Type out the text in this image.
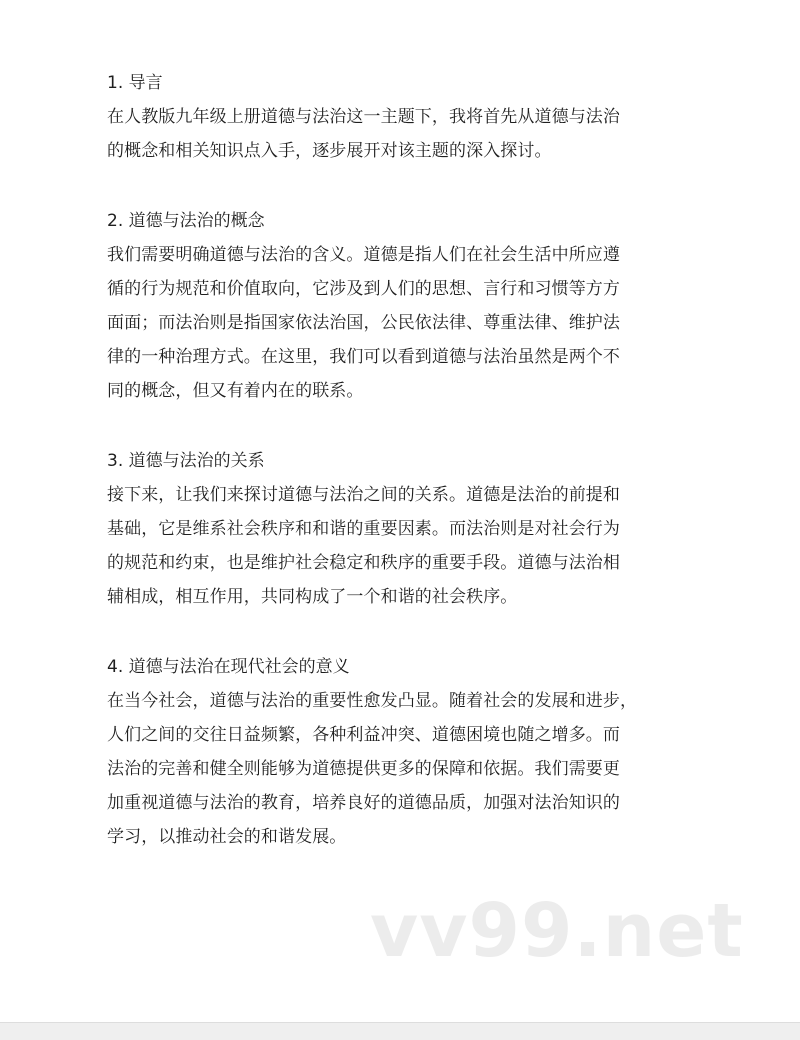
1. 导言
在人教版九年级上册道德与法治这一主题下，我将首先从道德与法治
的概念和相关知识点入手，逐步展开对该主题的深入探讨。
2. 道德与法治的概念
我们需要明确道德与法治的含义。道德是指人们在社会生活中所应遵
循的行为规范和价值取向，它涉及到人们的思想、言行和习惯等方方
面面；而法治则是指国家依法治国，公民依法律、尊重法律、维护法
律的一种治理方式。在这里，我们可以看到道德与法治虽然是两个不
同的概念，但又有着内在的联系。
3. 道德与法治的关系
接下来，让我们来探讨道德与法治之间的关系。道德是法治的前提和
基础，它是维系社会秩序和和谐的重要因素。而法治则是对社会行为
的规范和约束，也是维护社会稳定和秩序的重要手段。道德与法治相
辅相成，相互作用，共同构成了一个和谐的社会秩序。
4. 道德与法治在现代社会的意义
在当今社会，道德与法治的重要性愈发凸显。随着社会的发展和进步，
人们之间的交往日益频繁，各种利益冲突、道德困境也随之增多。而
法治的完善和健全则能够为道德提供更多的保障和依据。我们需要更
加重视道德与法治的教育，培养良好的道德品质，加强对法治知识的
学习，以推动社会的和谐发展。
vv99.net
